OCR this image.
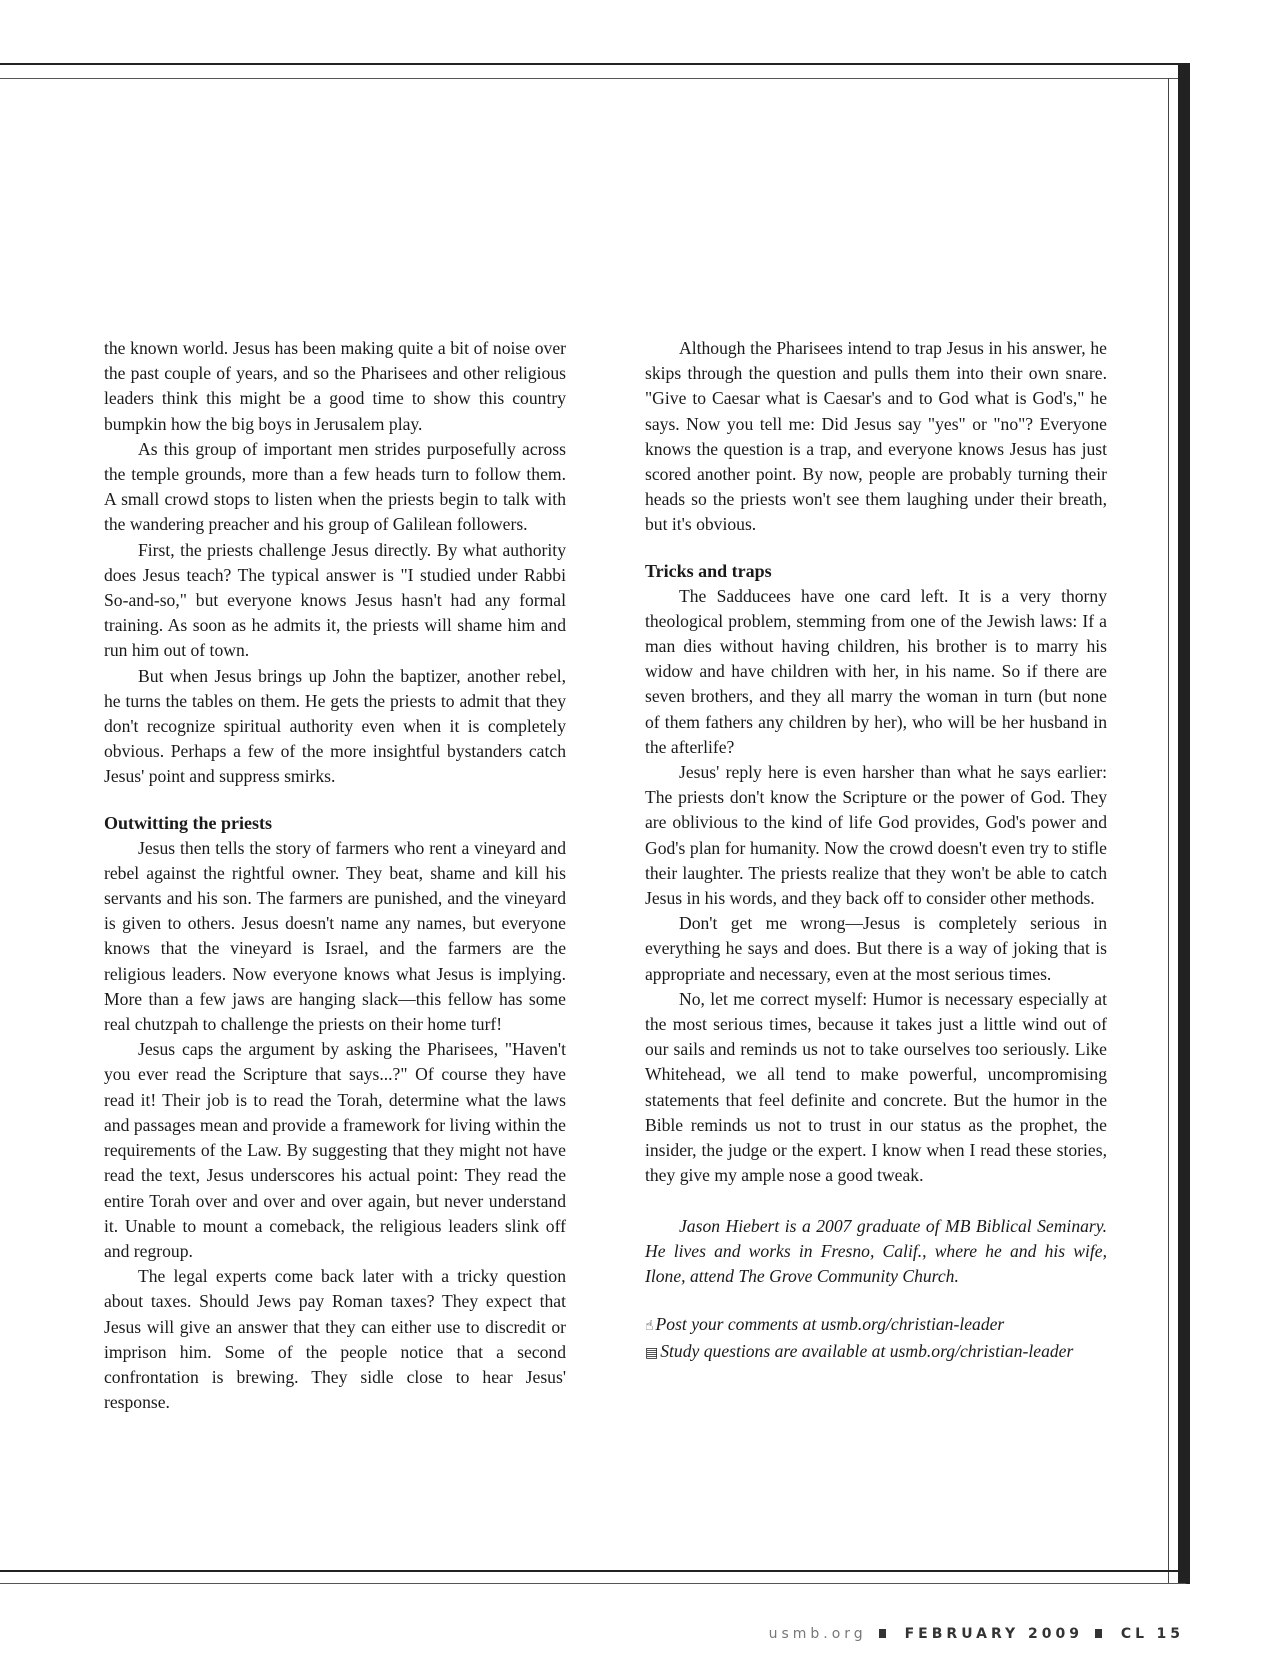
the known world. Jesus has been making quite a bit of noise over the past couple of years, and so the Pharisees and other religious leaders think this might be a good time to show this country bumpkin how the big boys in Jerusalem play.

As this group of important men strides purposefully across the temple grounds, more than a few heads turn to follow them. A small crowd stops to listen when the priests begin to talk with the wandering preacher and his group of Galilean followers.

First, the priests challenge Jesus directly. By what authority does Jesus teach? The typical answer is "I studied under Rabbi So-and-so," but everyone knows Jesus hasn't had any formal training. As soon as he admits it, the priests will shame him and run him out of town.

But when Jesus brings up John the baptizer, another rebel, he turns the tables on them. He gets the priests to admit that they don't recognize spiritual authority even when it is completely obvious. Perhaps a few of the more insightful bystanders catch Jesus' point and suppress smirks.

Outwitting the priests

Jesus then tells the story of farmers who rent a vineyard and rebel against the rightful owner. They beat, shame and kill his servants and his son. The farmers are punished, and the vineyard is given to others. Jesus doesn't name any names, but everyone knows that the vineyard is Israel, and the farmers are the religious leaders. Now everyone knows what Jesus is implying. More than a few jaws are hanging slack—this fellow has some real chutzpah to challenge the priests on their home turf!

Jesus caps the argument by asking the Pharisees, "Haven't you ever read the Scripture that says...?" Of course they have read it! Their job is to read the Torah, determine what the laws and passages mean and provide a framework for living within the requirements of the Law. By suggesting that they might not have read the text, Jesus underscores his actual point: They read the entire Torah over and over and over again, but never understand it. Unable to mount a comeback, the religious leaders slink off and regroup.

The legal experts come back later with a tricky question about taxes. Should Jews pay Roman taxes? They expect that Jesus will give an answer that they can either use to discredit or imprison him. Some of the people notice that a second confrontation is brewing. They sidle close to hear Jesus' response.

Although the Pharisees intend to trap Jesus in his answer, he skips through the question and pulls them into their own snare. "Give to Caesar what is Caesar's and to God what is God's," he says. Now you tell me: Did Jesus say "yes" or "no"? Everyone knows the question is a trap, and everyone knows Jesus has just scored another point. By now, people are probably turning their heads so the priests won't see them laughing under their breath, but it's obvious.

Tricks and traps

The Sadducees have one card left. It is a very thorny theological problem, stemming from one of the Jewish laws: If a man dies without having children, his brother is to marry his widow and have children with her, in his name. So if there are seven brothers, and they all marry the woman in turn (but none of them fathers any children by her), who will be her husband in the afterlife?

Jesus' reply here is even harsher than what he says earlier: The priests don't know the Scripture or the power of God. They are oblivious to the kind of life God provides, God's power and God's plan for humanity. Now the crowd doesn't even try to stifle their laughter. The priests realize that they won't be able to catch Jesus in his words, and they back off to consider other methods.

Don't get me wrong—Jesus is completely serious in everything he says and does. But there is a way of joking that is appropriate and necessary, even at the most serious times.

No, let me correct myself: Humor is necessary especially at the most serious times, because it takes just a little wind out of our sails and reminds us not to take ourselves too seriously. Like Whitehead, we all tend to make powerful, uncompromising statements that feel definite and concrete. But the humor in the Bible reminds us not to trust in our status as the prophet, the insider, the judge or the expert. I know when I read these stories, they give my ample nose a good tweak.

Jason Hiebert is a 2007 graduate of MB Biblical Seminary. He lives and works in Fresno, Calif., where he and his wife, Ilone, attend The Grove Community Church.

☝ Post your comments at usmb.org/christian-leader
▤ Study questions are available at usmb.org/christian-leader
usmb.org	FEBRUARY 2009	CL 15
